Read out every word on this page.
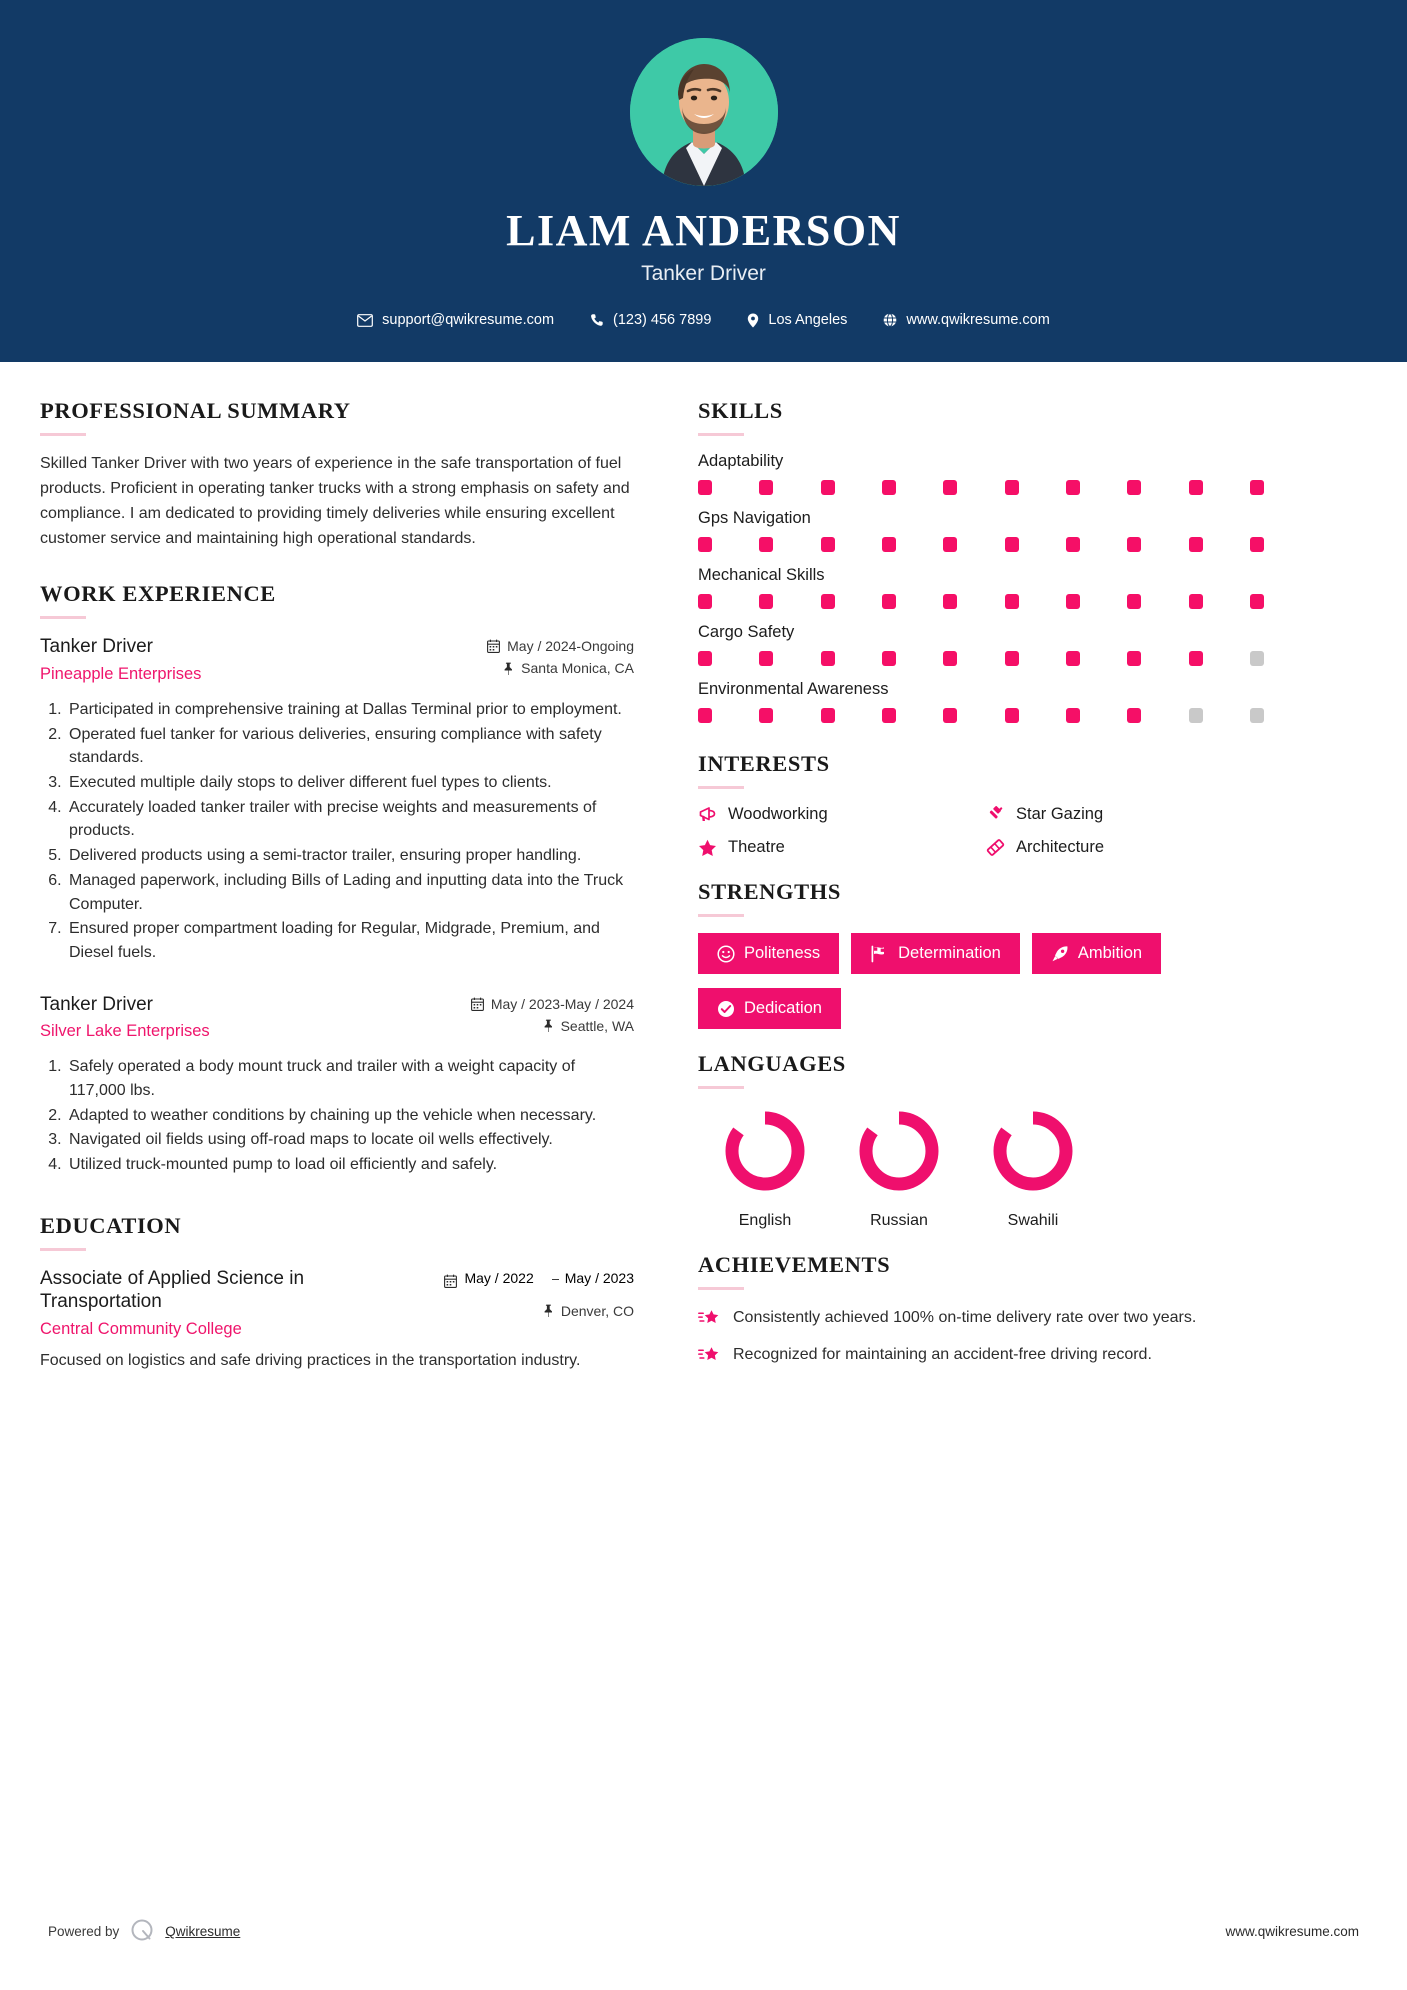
LIAM ANDERSON
Tanker Driver
support@qwikresume.com	(123) 456 7899	Los Angeles	www.qwikresume.com
PROFESSIONAL SUMMARY
Skilled Tanker Driver with two years of experience in the safe transportation of fuel products. Proficient in operating tanker trucks with a strong emphasis on safety and compliance. I am dedicated to providing timely deliveries while ensuring excellent customer service and maintaining high operational standards.
WORK EXPERIENCE
Tanker Driver
Pineapple Enterprises
May / 2024-Ongoing
Santa Monica, CA
1. Participated in comprehensive training at Dallas Terminal prior to employment.
2. Operated fuel tanker for various deliveries, ensuring compliance with safety standards.
3. Executed multiple daily stops to deliver different fuel types to clients.
4. Accurately loaded tanker trailer with precise weights and measurements of products.
5. Delivered products using a semi-tractor trailer, ensuring proper handling.
6. Managed paperwork, including Bills of Lading and inputting data into the Truck Computer.
7. Ensured proper compartment loading for Regular, Midgrade, Premium, and Diesel fuels.
Tanker Driver
Silver Lake Enterprises
May / 2023-May / 2024
Seattle, WA
1. Safely operated a body mount truck and trailer with a weight capacity of 117,000 lbs.
2. Adapted to weather conditions by chaining up the vehicle when necessary.
3. Navigated oil fields using off-road maps to locate oil wells effectively.
4. Utilized truck-mounted pump to load oil efficiently and safely.
EDUCATION
Associate of Applied Science in Transportation
Central Community College
May / 2022 May / 2023
Denver, CO
Focused on logistics and safe driving practices in the transportation industry.
SKILLS
Adaptability
Gps Navigation
Mechanical Skills
Cargo Safety
Environmental Awareness
INTERESTS
Woodworking	Star Gazing
Theatre	Architecture
STRENGTHS
Politeness	Determination	Ambition
Dedication
LANGUAGES
English	Russian	Swahili
ACHIEVEMENTS
Consistently achieved 100% on-time delivery rate over two years.
Recognized for maintaining an accident-free driving record.
Powered by	Qwikresume	www.qwikresume.com
